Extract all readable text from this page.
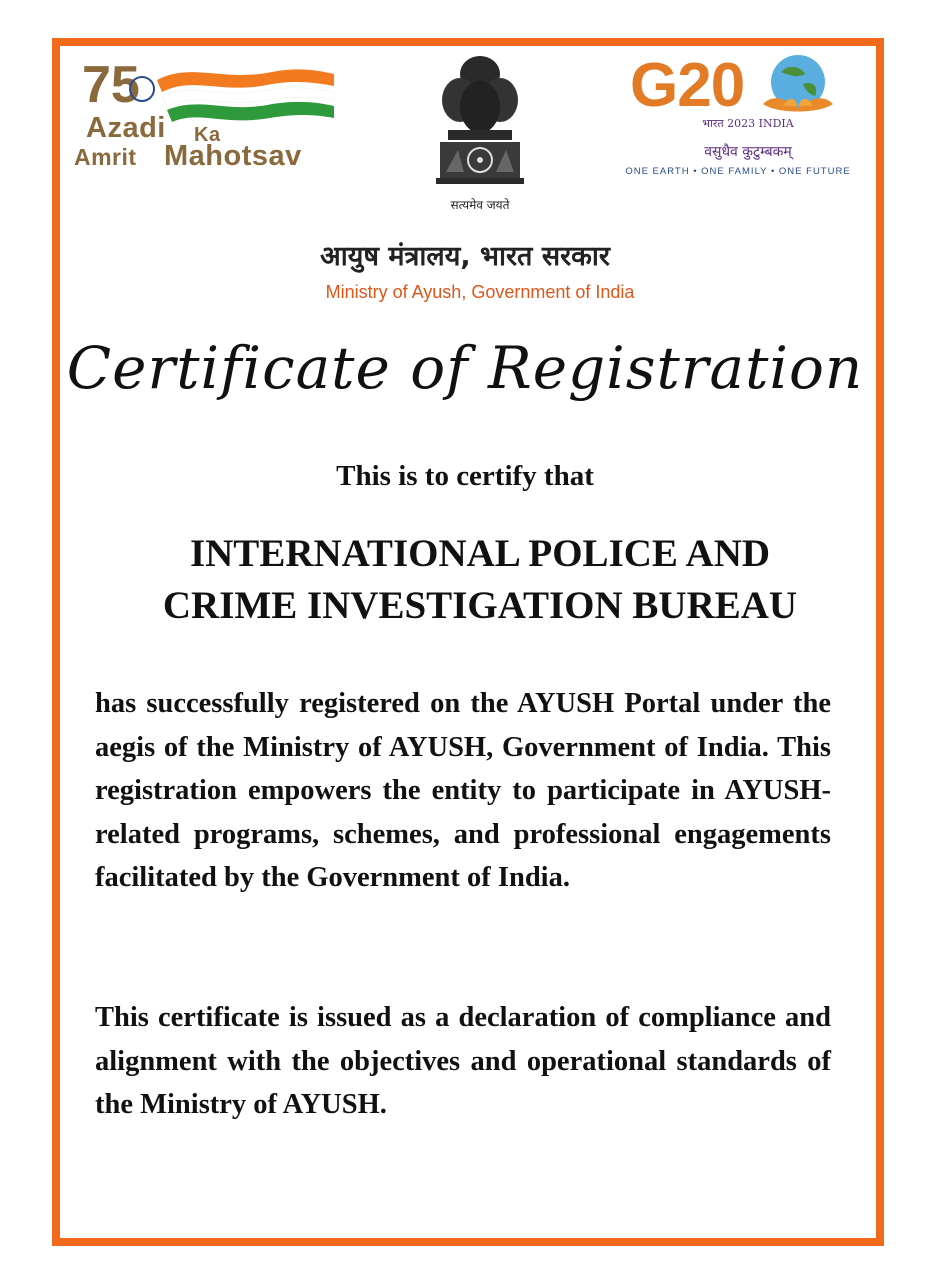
75
Azadi Ka
Amrit Mahotsav
सत्यमेव जयते
G20
भारत 2023 INDIA
वसुधैव कुटुम्बकम्
ONE EARTH • ONE FAMILY • ONE FUTURE
आयुष मंत्रालय, भारत सरकार
Ministry of Ayush, Government of India
Certificate of Registration
This is to certify that
INTERNATIONAL POLICE AND
CRIME INVESTIGATION BUREAU
has successfully registered on the AYUSH Portal under the aegis of the Ministry of AYUSH, Government of India. This registration empowers the entity to participate in AYUSH-related programs, schemes, and professional engagements facilitated by the Government of India.
This certificate is issued as a declaration of compliance and alignment with the objectives and operational standards of the Ministry of AYUSH.
